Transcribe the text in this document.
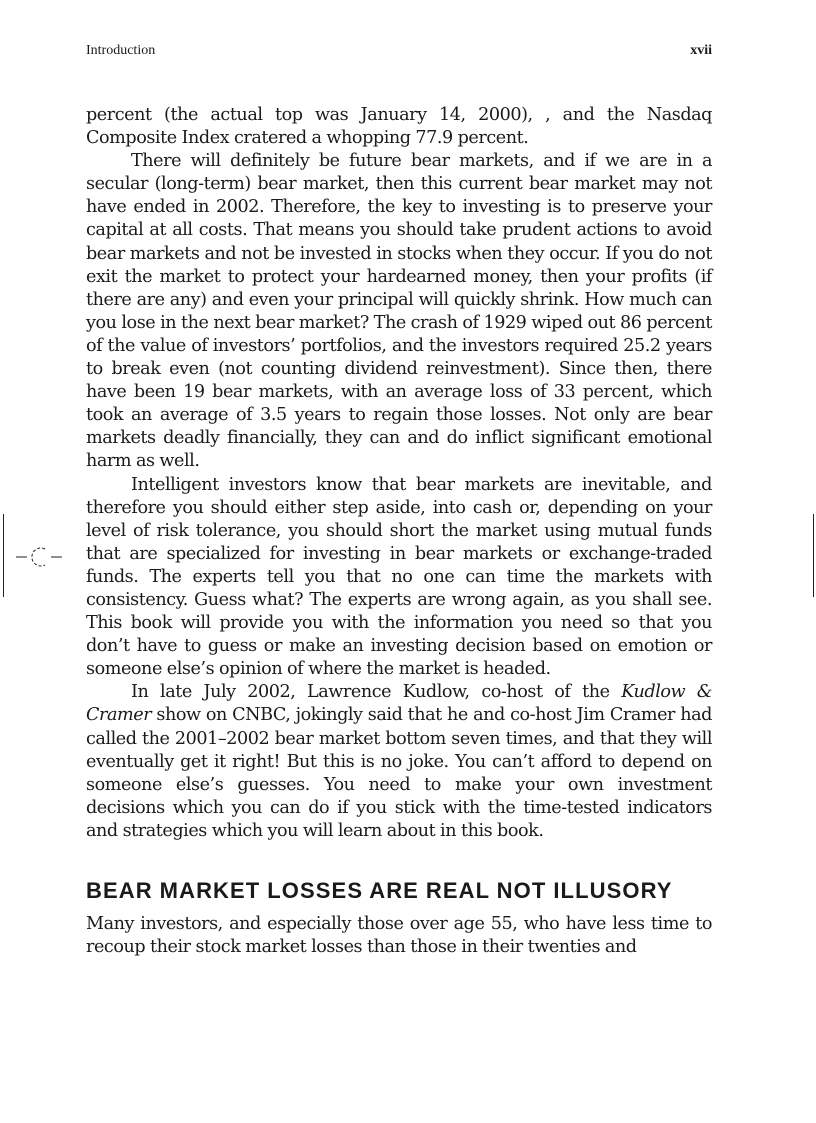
Introduction	xvii

percent (the actual top was January 14, 2000), , and the Nasdaq Composite Index cratered a whopping 77.9 percent.

There will definitely be future bear markets, and if we are in a secular (long-term) bear market, then this current bear market may not have ended in 2002. Therefore, the key to investing is to preserve your capital at all costs. That means you should take prudent actions to avoid bear markets and not be invested in stocks when they occur. If you do not exit the market to protect your hardearned money, then your profits (if there are any) and even your principal will quickly shrink. How much can you lose in the next bear market? The crash of 1929 wiped out 86 percent of the value of investors’ portfolios, and the investors required 25.2 years to break even (not counting dividend reinvestment). Since then, there have been 19 bear markets, with an average loss of 33 percent, which took an average of 3.5 years to regain those losses. Not only are bear markets deadly financially, they can and do inflict significant emotional harm as well.

Intelligent investors know that bear markets are inevitable, and therefore you should either step aside, into cash or, depending on your level of risk tolerance, you should short the market using mutual funds that are specialized for investing in bear markets or exchange-traded funds. The experts tell you that no one can time the markets with consistency. Guess what? The experts are wrong again, as you shall see. This book will provide you with the information you need so that you don’t have to guess or make an investing decision based on emotion or someone else’s opinion of where the market is headed.

In late July 2002, Lawrence Kudlow, co-host of the Kudlow & Cramer show on CNBC, jokingly said that he and co-host Jim Cramer had called the 2001–2002 bear market bottom seven times, and that they will eventually get it right! But this is no joke. You can’t afford to depend on someone else’s guesses. You need to make your own investment decisions which you can do if you stick with the time-tested indicators and strategies which you will learn about in this book.

BEAR MARKET LOSSES ARE REAL NOT ILLUSORY

Many investors, and especially those over age 55, who have less time to recoup their stock market losses than those in their twenties and
